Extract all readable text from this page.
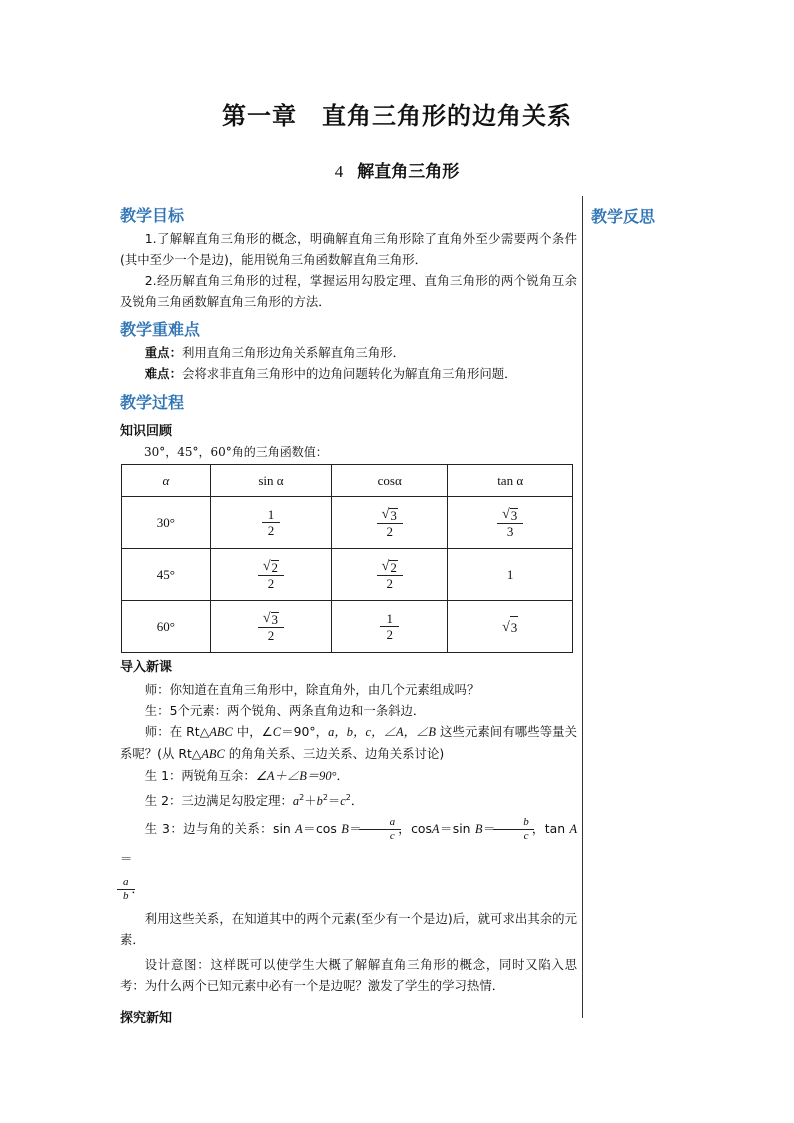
第一章　直角三角形的边角关系
4 解直角三角形
教学反思
教学目标

1.了解解直角三角形的概念，明确解直角三角形除了直角外至少需要两个条件(其中至少一个是边)，能用锐角三角函数解直角三角形．

2.经历解直角三角形的过程，掌握运用勾股定理、直角三角形的两个锐角互余及锐角三角函数解直角三角形的方法．

教学重难点

重点：利用直角三角形边角关系解直角三角形．

难点：会将求非直角三角形中的边角问题转化为解直角三角形问题．

教学过程
知识回顾

30°，45°，60°角的三角函数值：

α	sin α	cosα	tan α
30°	$\frac{1}{2}$	$\frac{√ 3}{2}$	$\frac{√ 3}{3}$

45°	$\frac{√ 2}{2}$	$\frac{√ 2}{2}$	1
60°	$\frac{√ 3}{2}$	$\frac{1}{2}$	√ 3
导入新课

师：你知道在直角三角形中，除直角外，由几个元素组成吗？

生：5个元素：两个锐角、两条直角边和一条斜边．

师：在 Rt△ABC 中，∠C＝90°，a，b，c，∠A，∠B 这些元素间有哪些等量关系呢？(从 Rt△ABC 的角角关系、三边关系、边角关系讨论)

生 1：两锐角互余：∠A＋∠B＝90°．

生 2：三边满足勾股定理：$a^2+b^2=c^2$．

生 3：边与角的关系：sin A＝cos $B= \frac{a}{c}$ ，cosA＝sin $B= \frac{b}{c}$ ，tan A＝

$\frac{a}{b}$ ．

利用这些关系，在知道其中的两个元素(至少有一个是边)后，就可求出其余的元素．

设计意图：这样既可以使学生大概了解解直角三角形的概念，同时又陷入思考：为什么两个已知元素中必有一个是边呢？激发了学生的学习热情．

探究新知
